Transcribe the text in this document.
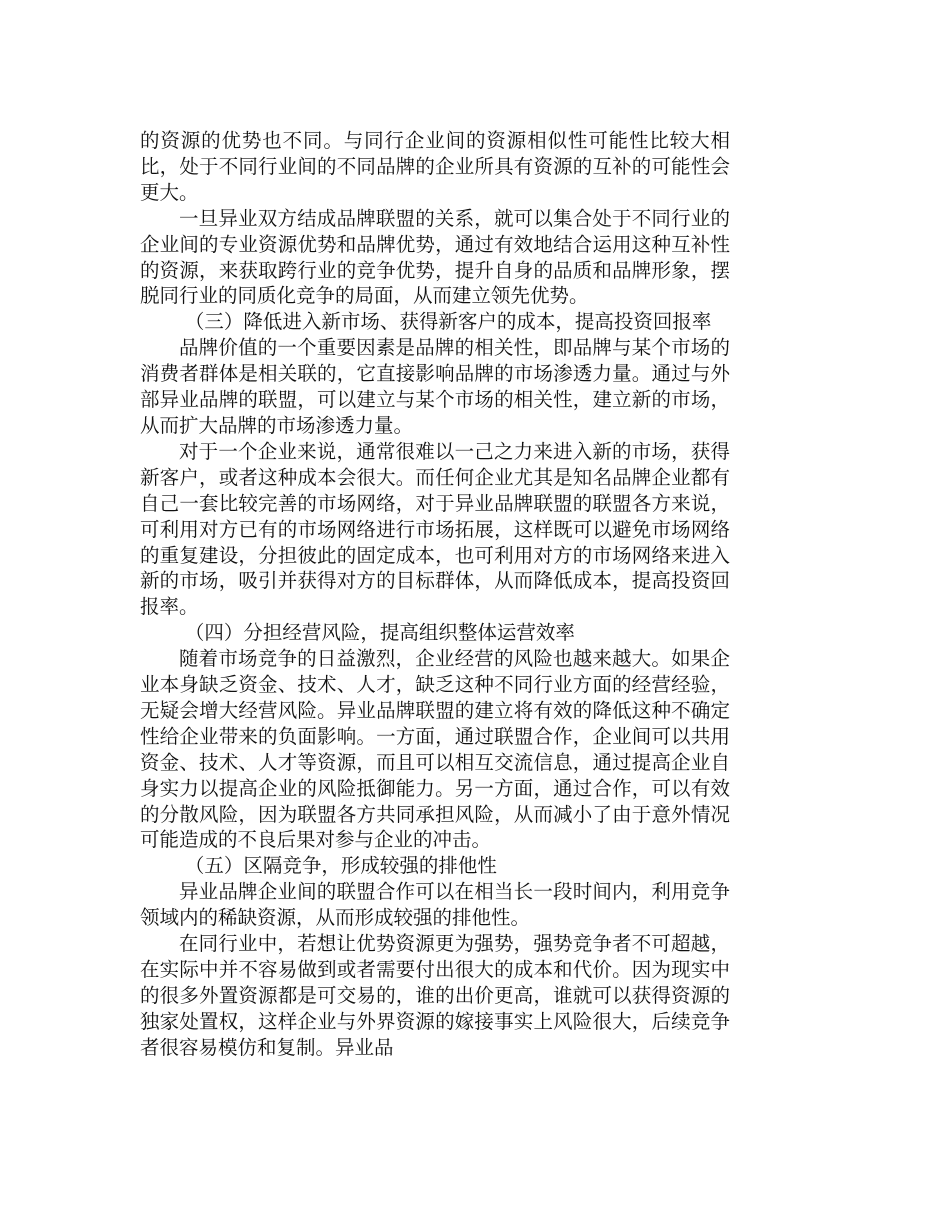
的资源的优势也不同。与同行企业间的资源相似性可能性比较大相比，处于不同行业间的不同品牌的企业所具有资源的互补的可能性会更大。

一旦异业双方结成品牌联盟的关系，就可以集合处于不同行业的企业间的专业资源优势和品牌优势，通过有效地结合运用这种互补性的资源，来获取跨行业的竞争优势，提升自身的品质和品牌形象，摆脱同行业的同质化竞争的局面，从而建立领先优势。

（三）降低进入新市场、获得新客户的成本，提高投资回报率

品牌价值的一个重要因素是品牌的相关性，即品牌与某个市场的消费者群体是相关联的，它直接影响品牌的市场渗透力量。通过与外部异业品牌的联盟，可以建立与某个市场的相关性，建立新的市场，从而扩大品牌的市场渗透力量。

对于一个企业来说，通常很难以一己之力来进入新的市场，获得新客户，或者这种成本会很大。而任何企业尤其是知名品牌企业都有自己一套比较完善的市场网络，对于异业品牌联盟的联盟各方来说，可利用对方已有的市场网络进行市场拓展，这样既可以避免市场网络的重复建设，分担彼此的固定成本，也可利用对方的市场网络来进入新的市场，吸引并获得对方的目标群体，从而降低成本，提高投资回报率。

（四）分担经营风险，提高组织整体运营效率

随着市场竞争的日益激烈，企业经营的风险也越来越大。如果企业本身缺乏资金、技术、人才，缺乏这种不同行业方面的经营经验，无疑会增大经营风险。异业品牌联盟的建立将有效的降低这种不确定性给企业带来的负面影响。一方面，通过联盟合作，企业间可以共用资金、技术、人才等资源，而且可以相互交流信息，通过提高企业自身实力以提高企业的风险抵御能力。另一方面，通过合作，可以有效的分散风险，因为联盟各方共同承担风险，从而减小了由于意外情况可能造成的不良后果对参与企业的冲击。

（五）区隔竞争，形成较强的排他性

异业品牌企业间的联盟合作可以在相当长一段时间内，利用竞争领域内的稀缺资源，从而形成较强的排他性。

在同行业中，若想让优势资源更为强势，强势竞争者不可超越，在实际中并不容易做到或者需要付出很大的成本和代价。因为现实中的很多外置资源都是可交易的，谁的出价更高，谁就可以获得资源的独家处置权，这样企业与外界资源的嫁接事实上风险很大，后续竞争者很容易模仿和复制。异业品
